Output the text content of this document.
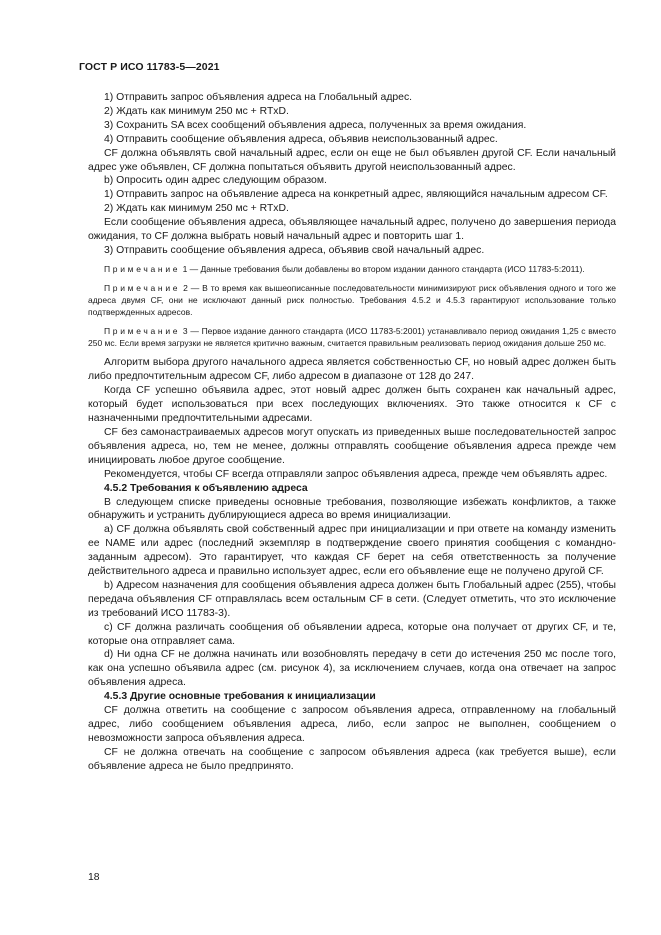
ГОСТ Р ИСО 11783-5—2021

1) Отправить запрос объявления адреса на Глобальный адрес.

2) Ждать как минимум 250 мс + RTxD.

3) Сохранить SA всех сообщений объявления адреса, полученных за время ожидания.

4) Отправить сообщение объявления адреса, объявив неиспользованный адрес.

CF должна объявлять свой начальный адрес, если он еще не был объявлен другой CF. Если начальный адрес уже объявлен, CF должна попытаться объявить другой неиспользованный адрес.

b) Опросить один адрес следующим образом.

1) Отправить запрос на объявление адреса на конкретный адрес, являющийся начальным адресом CF.

2) Ждать как минимум 250 мс + RTxD.

Если сообщение объявления адреса, объявляющее начальный адрес, получено до завершения периода ожидания, то CF должна выбрать новый начальный адрес и повторить шаг 1.

3) Отправить сообщение объявления адреса, объявив свой начальный адрес.

Примечание 1 — Данные требования были добавлены во втором издании данного стандарта (ИСО 11783-5:2011).

Примечание 2 — В то время как вышеописанные последовательности минимизируют риск объявления одного и того же адреса двумя CF, они не исключают данный риск полностью. Требования 4.5.2 и 4.5.3 гарантируют использование только подтвержденных адресов.

Примечание 3 — Первое издание данного стандарта (ИСО 11783-5:2001) устанавливало период ожидания 1,25 с вместо 250 мс. Если время загрузки не является критично важным, считается правильным реализовать период ожидания дольше 250 мс.

Алгоритм выбора другого начального адреса является собственностью CF, но новый адрес должен быть либо предпочтительным адресом CF, либо адресом в диапазоне от 128 до 247.

Когда CF успешно объявила адрес, этот новый адрес должен быть сохранен как начальный адрес, который будет использоваться при всех последующих включениях. Это также относится к CF с назначенными предпочтительными адресами.

CF без самонастраиваемых адресов могут опускать из приведенных выше последовательностей запрос объявления адреса, но, тем не менее, должны отправлять сообщение объявления адреса прежде чем инициировать любое другое сообщение.

Рекомендуется, чтобы CF всегда отправляли запрос объявления адреса, прежде чем объявлять адрес.

4.5.2 Требования к объявлению адреса

В следующем списке приведены основные требования, позволяющие избежать конфликтов, а также обнаружить и устранить дублирующиеся адреса во время инициализации.

a) CF должна объявлять свой собственный адрес при инициализации и при ответе на команду изменить ее NAME или адрес (последний экземпляр в подтверждение своего принятия сообщения с командно-заданным адресом). Это гарантирует, что каждая CF берет на себя ответственность за получение действительного адреса и правильно использует адрес, если его объявление еще не получено другой CF.

b) Адресом назначения для сообщения объявления адреса должен быть Глобальный адрес (255), чтобы передача объявления CF отправлялась всем остальным CF в сети. (Следует отметить, что это исключение из требований ИСО 11783-3).

c) CF должна различать сообщения об объявлении адреса, которые она получает от других CF, и те, которые она отправляет сама.

d) Ни одна CF не должна начинать или возобновлять передачу в сети до истечения 250 мс после того, как она успешно объявила адрес (см. рисунок 4), за исключением случаев, когда она отвечает на запрос объявления адреса.

4.5.3 Другие основные требования к инициализации

CF должна ответить на сообщение с запросом объявления адреса, отправленному на глобальный адрес, либо сообщением объявления адреса, либо, если запрос не выполнен, сообщением о невозможности запроса объявления адреса.

CF не должна отвечать на сообщение с запросом объявления адреса (как требуется выше), если объявление адреса не было предпринято.

18
